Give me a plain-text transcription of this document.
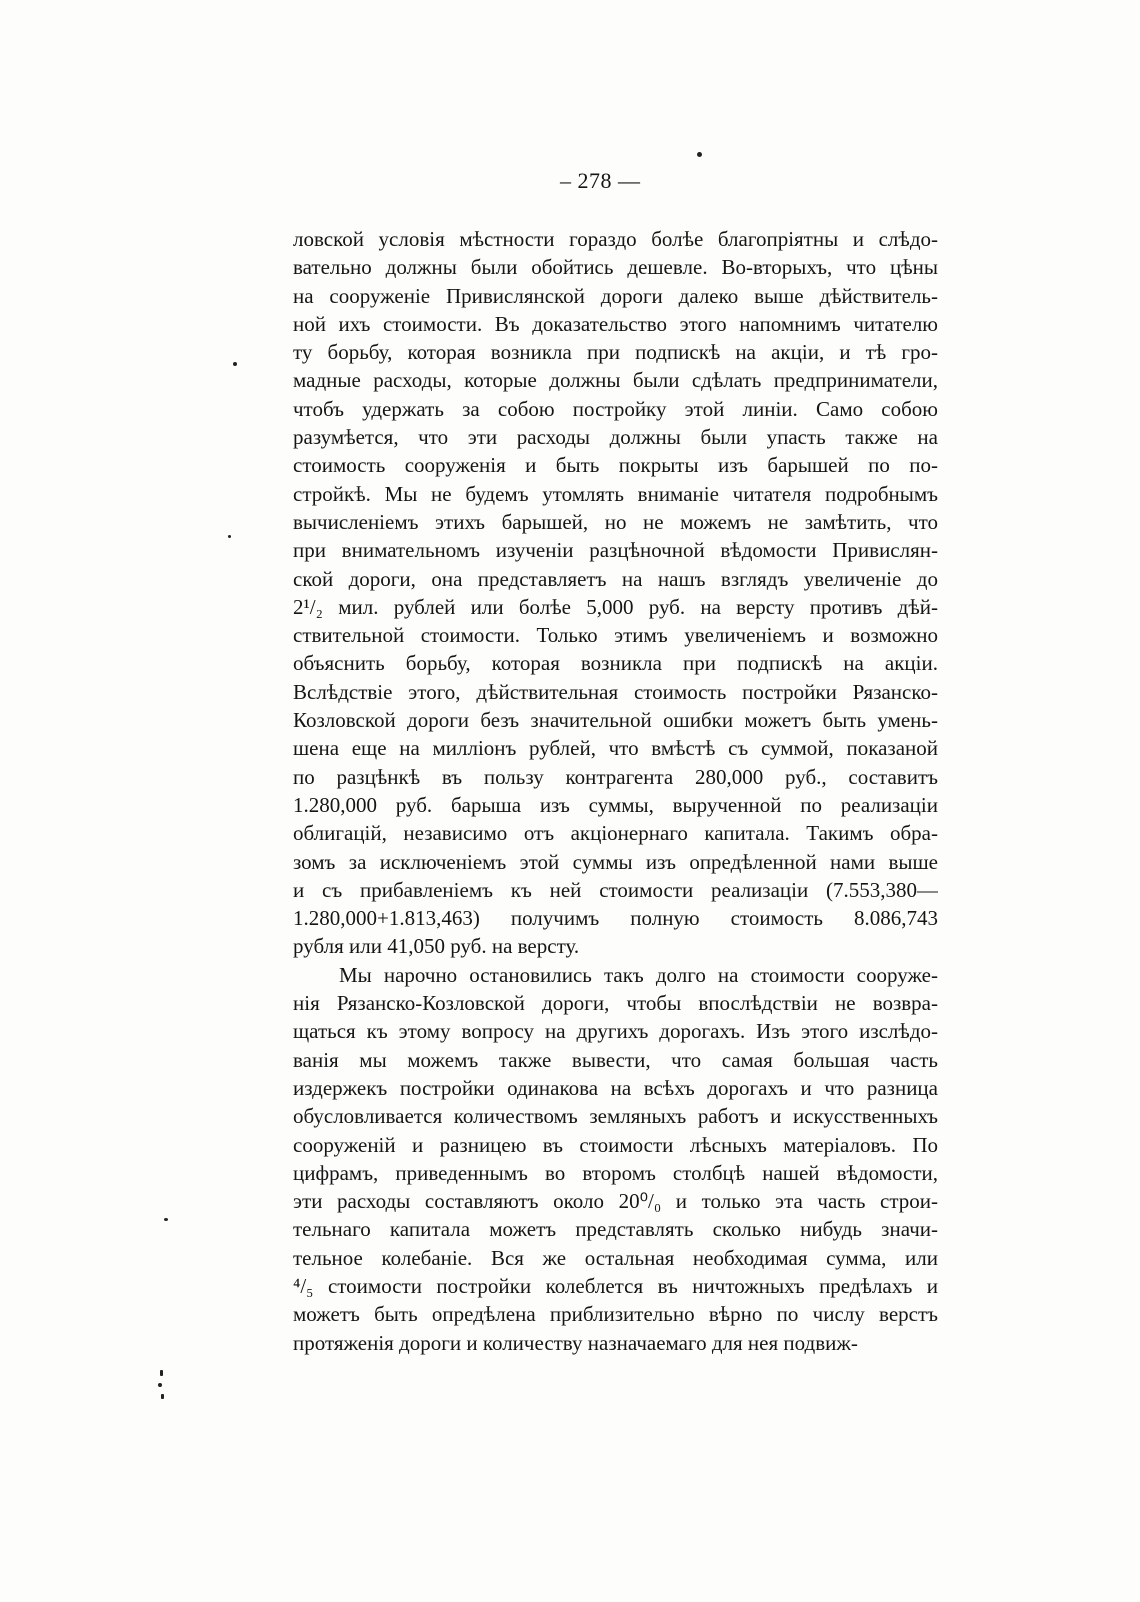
– 278 —
ловской условія мѣстности гораздо болѣе благопріятны и слѣдо-
вательно должны были обойтись дешевле. Во-вторыхъ, что цѣны
на сооруженіе Привислянской дороги далеко выше дѣйствитель-
ной ихъ стоимости. Въ доказательство этого напомнимъ читателю
ту борьбу, которая возникла при подпискѣ на акціи, и тѣ гро-
мадные расходы, которые должны были сдѣлать предприниматели,
чтобъ удержать за собою постройку этой линіи. Само собою
разумѣется, что эти расходы должны были упасть также на
стоимость сооруженія и быть покрыты изъ барышей по по-
стройкѣ. Мы не будемъ утомлять вниманіе читателя подробнымъ
вычисленіемъ этихъ барышей, но не можемъ не замѣтить, что
при внимательномъ изученіи разцѣночной вѣдомости Привислян-
ской дороги, она представляетъ на нашъ взглядъ увеличеніе до
2¹/₂ мил. рублей или болѣе 5,000 руб. на версту противъ дѣй-
ствительной стоимости. Только этимъ увеличеніемъ и возможно
объяснить борьбу, которая возникла при подпискѣ на акціи.
Вслѣдствіе этого, дѣйствительная стоимость постройки Рязанско-
Козловской дороги безъ значительной ошибки можетъ быть умень-
шена еще на милліонъ рублей, что вмѣстѣ съ суммой, показаной
по разцѣнкѣ въ пользу контрагента 280,000 руб., составитъ
1.280,000 руб. барыша изъ суммы, вырученной по реализаціи
облигацій, независимо отъ акціонернаго капитала. Такимъ обра-
зомъ за исключеніемъ этой суммы изъ опредѣленной нами выше
и съ прибавленіемъ къ ней стоимости реализаціи (7.553,380—
1.280,000+1.813,463) получимъ полную стоимость 8.086,743
рубля или 41,050 руб. на версту.
Мы нарочно остановились такъ долго на стоимости сооруже-
нія Рязанско-Козловской дороги, чтобы впослѣдствіи не возвра-
щаться къ этому вопросу на другихъ дорогахъ. Изъ этого изслѣдо-
ванія мы можемъ также вывести, что самая большая часть
издержекъ постройки одинакова на всѣхъ дорогахъ и что разница
обусловливается количествомъ земляныхъ работъ и искусственныхъ
сооруженій и разницею въ стоимости лѣсныхъ матеріаловъ. По
цифрамъ, приведеннымъ во второмъ столбцѣ нашей вѣдомости,
эти расходы составляютъ около 20⁰/₀ и только эта часть строи-
тельнаго капитала можетъ представлять сколько нибудь значи-
тельное колебаніе. Вся же остальная необходимая сумма, или
⁴/₅ стоимости постройки колеблется въ ничтожныхъ предѣлахъ и
можетъ быть опредѣлена приблизительно вѣрно по числу верстъ
протяженія дороги и количеству назначаемаго для нея подвиж-
